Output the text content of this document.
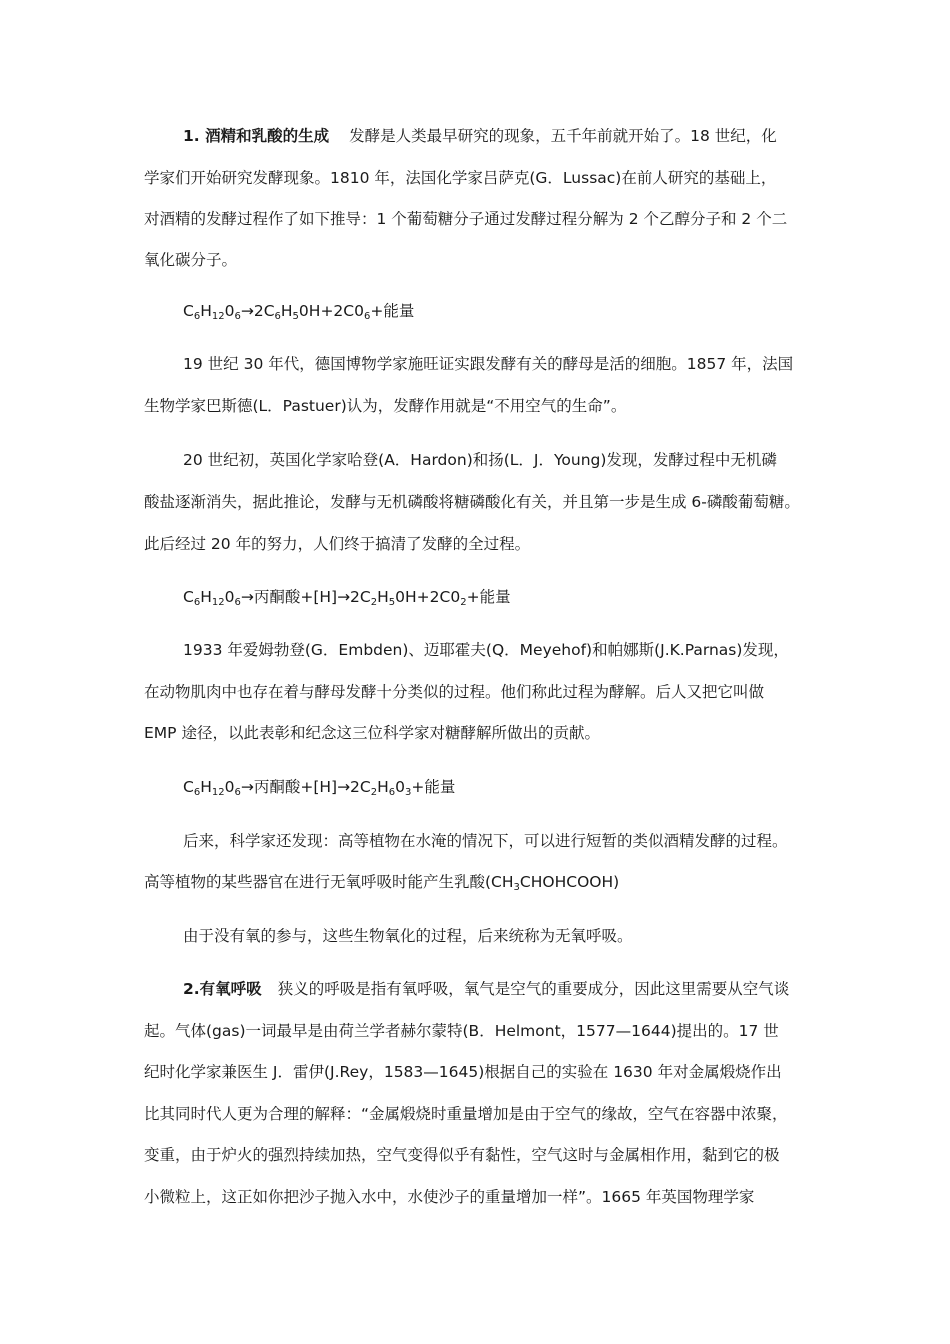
1. 酒精和乳酸的生成 发酵是人类最早研究的现象，五千年前就开始了。18 世纪，化
学家们开始研究发酵现象。1810 年，法国化学家吕萨克(G．Lussac)在前人研究的基础上，
对酒精的发酵过程作了如下推导：1 个葡萄糖分子通过发酵过程分解为 2 个乙醇分子和 2 个二
氧化碳分子。
$C_6H_{12}0_6\to 2C_6H_50H+2C0_6+$能量
19 世纪 30 年代，德国博物学家施旺证实跟发酵有关的酵母是活的细胞。1857 年，法国
生物学家巴斯德(L．Pastuer)认为，发酵作用就是“不用空气的生命”。
20 世纪初，英国化学家哈登(A．Hardon)和扬(L．J．Young)发现，发酵过程中无机磷
酸盐逐渐消失，据此推论，发酵与无机磷酸将糖磷酸化有关，并且第一步是生成 6-磷酸葡萄糖。
此后经过 20 年的努力，人们终于搞清了发酵的全过程。
$C_6H_{12}0_6\to$丙酮酸$+[H]\to 2C_2H_50H+2C0_2+$能量
1933 年爱姆勃登(G．Embden)、迈耶霍夫(Q．Meyehof)和帕娜斯(J.K.Parnas)发现，
在动物肌肉中也存在着与酵母发酵十分类似的过程。他们称此过程为酵解。后人又把它叫做
EMP 途径，以此表彰和纪念这三位科学家对糖酵解所做出的贡献。
$C_6H_{12}0_6\to$丙酮酸$+[H]\to 2C_2H_60_3+$能量
后来，科学家还发现：高等植物在水淹的情况下，可以进行短暂的类似酒精发酵的过程。
高等植物的某些器官在进行无氧呼吸时能产生乳酸$(CH_3CHOHCOOH)$
由于没有氧的参与，这些生物氧化的过程，后来统称为无氧呼吸。
2.有氧呼吸 狭义的呼吸是指有氧呼吸，氧气是空气的重要成分，因此这里需要从空气谈
起。气体(gas)一词最早是由荷兰学者赫尔蒙特(B．Helmont，1577—1644)提出的。17 世
纪时化学家兼医生 J．雷伊(J.Rey，1583—1645)根据自己的实验在 1630 年对金属煅烧作出
比其同时代人更为合理的解释：“金属煅烧时重量增加是由于空气的缘故，空气在容器中浓聚，
变重，由于炉火的强烈持续加热，空气变得似乎有黏性，空气这时与金属相作用，黏到它的极
小微粒上，这正如你把沙子抛入水中，水使沙子的重量增加一样”。1665 年英国物理学家
